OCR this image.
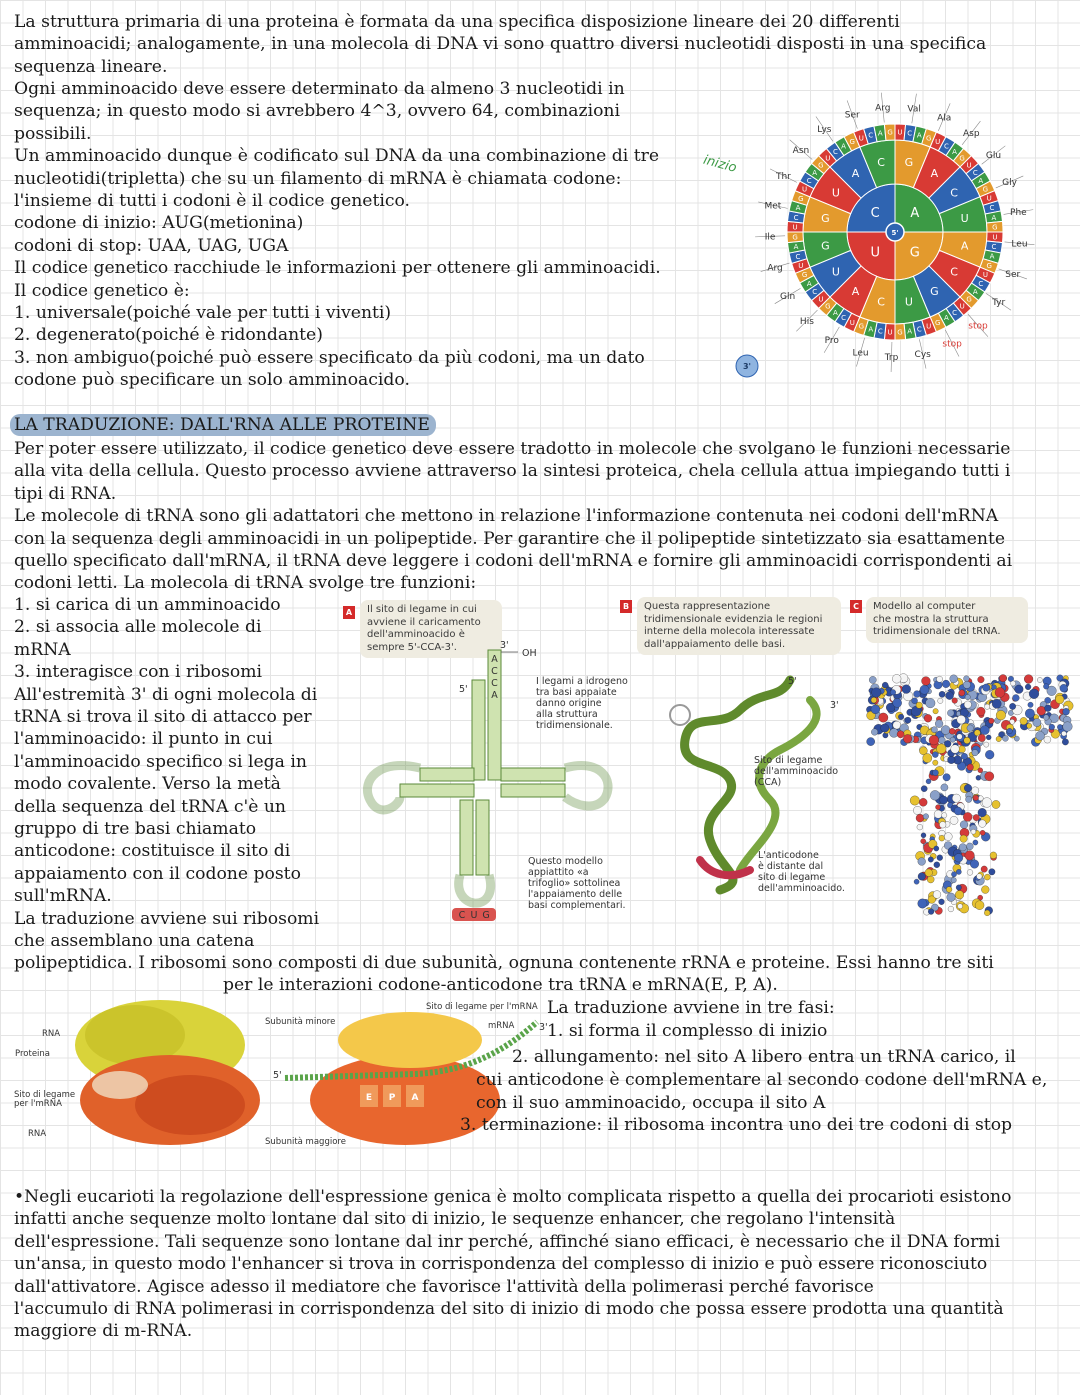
La struttura primaria di una proteina è formata da una specifica disposizione lineare dei 20 differenti
amminoacidi; analogamente, in una molecola di DNA vi sono quattro diversi nucleotidi disposti in una specifica
sequenza lineare.
Ogni amminoacido deve essere determinato da almeno 3 nucleotidi in
sequenza; in questo modo si avrebbero 4^3, ovvero 64, combinazioni
possibili.
Un amminoacido dunque è codificato sul DNA da una combinazione di tre
nucleotidi(tripletta) che su un filamento di mRNA è chiamata codone:
l'insieme di tutti i codoni è il codice genetico.
codone di inizio: AUG(metionina)
codoni di stop: UAA, UAG, UGA
Il codice genetico racchiude le informazioni per ottenere gli amminoacidi.
Il codice genetico è:
1. universale(poiché vale per tutti i viventi)
2. degenerato(poiché è ridondante)
3. non ambiguo(poiché può essere specificato da più codoni, ma un dato
codone può specificare un solo amminoacido.
A
G
U
C
G
A
C
U
A
C
G
U
C
A
U
G
G
U
A
C
U C A G U
C
A
G
U
C
A
G
U
C
A
G
U
C
A
G
U
C
A
G
U
C
A
G
U
C
A
G
U
C
A
G
U
C
A
G
U
C
A
G
U
C
A
G
U
C
A
G
U
C
A
G
U
C
A
G U C A G
Ser
Arg Val
Ala
Asp
Glu
Gly
Phe
Leu
Ser
Tyr
stop
stop
Cys
Trp
Leu
Pro
His
Gln
Arg
Ile
Met
Thr
Asn
Lys
5'
3'
inizio
LA TRADUZIONE: DALL'RNA ALLE PROTEINE
Per poter essere utilizzato, il codice genetico deve essere tradotto in molecole che svolgano le funzioni necessarie
alla vita della cellula. Questo processo avviene attraverso la sintesi proteica, chela cellula attua impiegando tutti i
tipi di RNA.
Le molecole di tRNA sono gli adattatori che mettono in relazione l'informazione contenuta nei codoni dell'mRNA
con la sequenza degli amminoacidi in un polipeptide. Per garantire che il polipeptide sintetizzato sia esattamente
quello specificato dall'mRNA, il tRNA deve leggere i codoni dell'mRNA e fornire gli amminoacidi corrispondenti ai
codoni letti. La molecola di tRNA svolge tre funzioni:
1. si carica di un amminoacido
2. si associa alle molecole di
mRNA
3. interagisce con i ribosomi
All'estremità 3' di ogni molecola di
tRNA si trova il sito di attacco per
l'amminoacido: il punto in cui
l'amminoacido specifico si lega in
modo covalente. Verso la metà
della sequenza del tRNA c'è un
gruppo di tre basi chiamato
anticodone: costituisce il sito di
appaiamento con il codone posto
sull'mRNA.
La traduzione avviene sui ribosomi
che assemblano una catena
A Il sito di legame in cui
avviene il caricamento
dell'amminoacido è
sempre 5'-CCA-3'.
B Questa rappresentazione
tridimensionale evidenzia le regioni
interne della molecola interessate
dall'appaiamento delle basi.
C	Modello al computer
che mostra la struttura
tridimensionale del tRNA.
A
C
C
A
3'
OH
5'
C U G
I legami a idrogeno
tra basi appaiate
danno origine
alla struttura
tridimensionale.
Questo modello
appiattito «a
trifoglio» sottolinea
l'appaiamento delle
basi complementari.
5'
3'
Sito di legame
dell'amminoacido
(CCA)
L'anticodone
è distante dal
sito di legame
dell'amminoacido.
polipeptidica. I ribosomi sono composti di due subunità, ognuna contenente rRNA e proteine. Essi hanno tre siti
per le interazioni codone-anticodone tra tRNA e mRNA(E, P, A).
RNA
Proteina
Sito di legame
per l'mRNA
RNA
E P A
5'
3'
Subunità minore
Subunità maggiore
Sito di legame per l'mRNA
mRNA
La traduzione avviene in tre fasi:
1. si forma il complesso di inizio
2. allungamento: nel sito A libero entra un tRNA carico, il
cui anticodone è complementare al secondo codone dell'mRNA e,
con il suo amminoacido, occupa il sito A
3. terminazione: il ribosoma incontra uno dei tre codoni di stop
•Negli eucarioti la regolazione dell'espressione genica è molto complicata rispetto a quella dei procarioti esistono
infatti anche sequenze molto lontane dal sito di inizio, le sequenze enhancer, che regolano l'intensità
dell'espressione. Tali sequenze sono lontane dal inr perché, affinché siano efficaci, è necessario che il DNA formi
un'ansa, in questo modo l'enhancer si trova in corrispondenza del complesso di inizio e può essere riconosciuto
dall'attivatore. Agisce adesso il mediatore che favorisce l'attività della polimerasi perché favorisce
l'accumulo di RNA polimerasi in corrispondenza del sito di inizio di modo che possa essere prodotta una quantità
maggiore di m-RNA.
